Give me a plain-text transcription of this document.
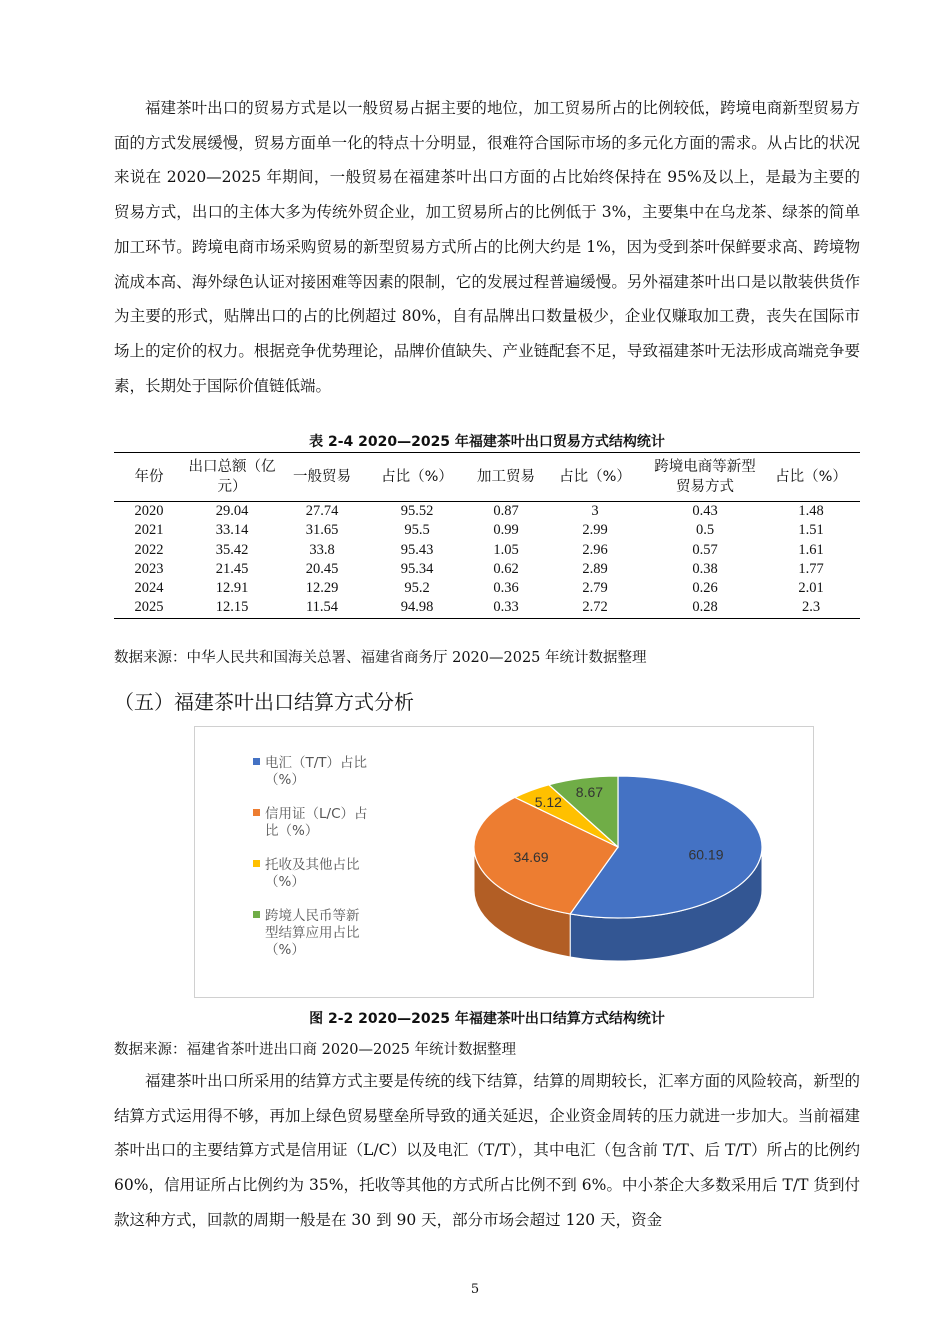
福建茶叶出口的贸易方式是以一般贸易占据主要的地位，加工贸易所占的比例较低，跨境电商新型贸易方面的方式发展缓慢，贸易方面单一化的特点十分明显，很难符合国际市场的多元化方面的需求。从占比的状况来说在 2020—2025 年期间，一般贸易在福建茶叶出口方面的占比始终保持在 95%及以上，是最为主要的贸易方式，出口的主体大多为传统外贸企业，加工贸易所占的比例低于 3%，主要集中在乌龙茶、绿茶的简单加工环节。跨境电商市场采购贸易的新型贸易方式所占的比例大约是 1%，因为受到茶叶保鲜要求高、跨境物流成本高、海外绿色认证对接困难等因素的限制，它的发展过程普遍缓慢。另外福建茶叶出口是以散装供货作为主要的形式，贴牌出口的占的比例超过 80%，自有品牌出口数量极少，企业仅赚取加工费，丧失在国际市场上的定价的权力。根据竞争优势理论，品牌价值缺失、产业链配套不足，导致福建茶叶无法形成高端竞争要素，长期处于国际价值链低端。

表 2-4 2020—2025 年福建茶叶出口贸易方式结构统计
年份	出口总额（亿元）	一般贸易	占比（%）	加工贸易	占比（%）	跨境电商等新型贸易方式	占比（%）
2020	29.04	27.74	95.52	0.87	3	0.43	1.48
2021	33.14	31.65	95.5	0.99	2.99	0.5	1.51
2022	35.42	33.8	95.43	1.05	2.96	0.57	1.61
2023	21.45	20.45	95.34	0.62	2.89	0.38	1.77
2024	12.91	12.29	95.2	0.36	2.79	0.26	2.01
2025	12.15	11.54	94.98	0.33	2.72	0.28	2.3
数据来源：中华人民共和国海关总署、福建省商务厅 2020—2025 年统计数据整理
（五）福建茶叶出口结算方式分析
60.19
34.69
5.12
8.67
电汇（T/T）占比（%）
信用证（L/C）占比（%）
托收及其他占比（%）
跨境人民币等新型结算应用占比（%）
图 2-2 2020—2025 年福建茶叶出口结算方式结构统计
数据来源：福建省茶叶进出口商 2020—2025 年统计数据整理

福建茶叶出口所采用的结算方式主要是传统的线下结算，结算的周期较长，汇率方面的风险较高，新型的结算方式运用得不够，再加上绿色贸易壁垒所导致的通关延迟，企业资金周转的压力就进一步加大。当前福建茶叶出口的主要结算方式是信用证（L/C）以及电汇（T/T），其中电汇（包含前 T/T、后 T/T）所占的比例约 60%，信用证所占比例约为 35%，托收等其他的方式所占比例不到 6%。中小茶企大多数采用后 T/T 货到付款这种方式，回款的周期一般是在 30 到 90 天，部分市场会超过 120 天，资金

5
